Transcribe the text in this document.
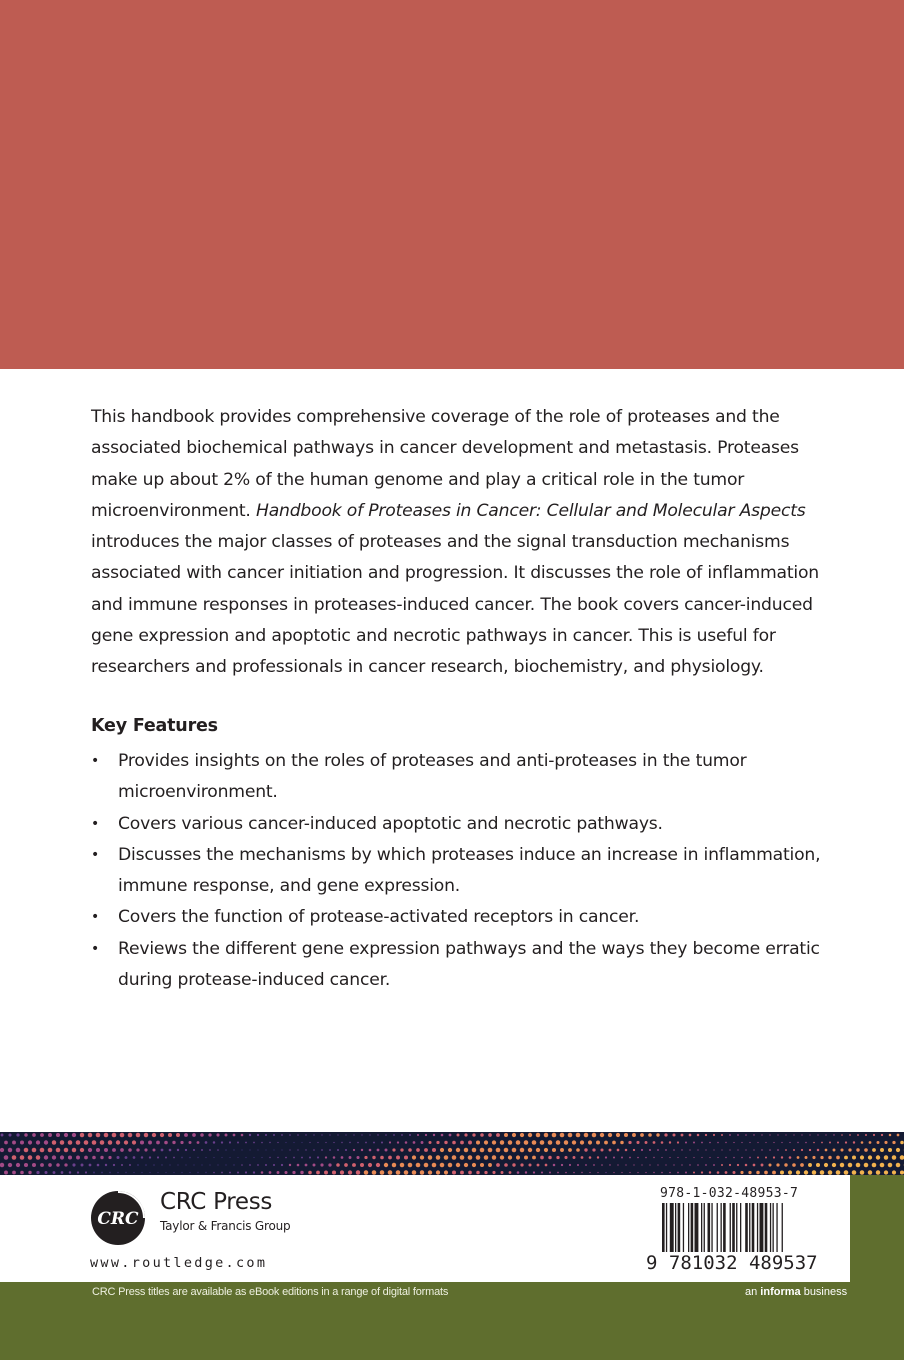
This handbook provides comprehensive coverage of the role of proteases and the associated biochemical pathways in cancer development and metastasis. Proteases make up about 2% of the human genome and play a critical role in the tumor microenvironment. Handbook of Proteases in Cancer: Cellular and Molecular Aspects introduces the major classes of proteases and the signal transduction mechanisms associated with cancer initiation and progression. It discusses the role of inflammation and immune responses in proteases-induced cancer. The book covers cancer-induced gene expression and apoptotic and necrotic pathways in cancer. This is useful for researchers and professionals in cancer research, biochemistry, and physiology.

Key Features
• Provides insights on the roles of proteases and anti-proteases in the tumor microenvironment.
• Covers various cancer-induced apoptotic and necrotic pathways.
• Discusses the mechanisms by which proteases induce an increase in inflammation, immune response, and gene expression.
• Covers the function of protease-activated receptors in cancer.
• Reviews the different gene expression pathways and the ways they become erratic during protease-induced cancer.
CRC
CRC Press
Taylor & Francis Group
www.routledge.com
978-1-032-48953-7
9 781032 489537
CRC Press titles are available as eBook editions in a range of digital formats	an informa business
